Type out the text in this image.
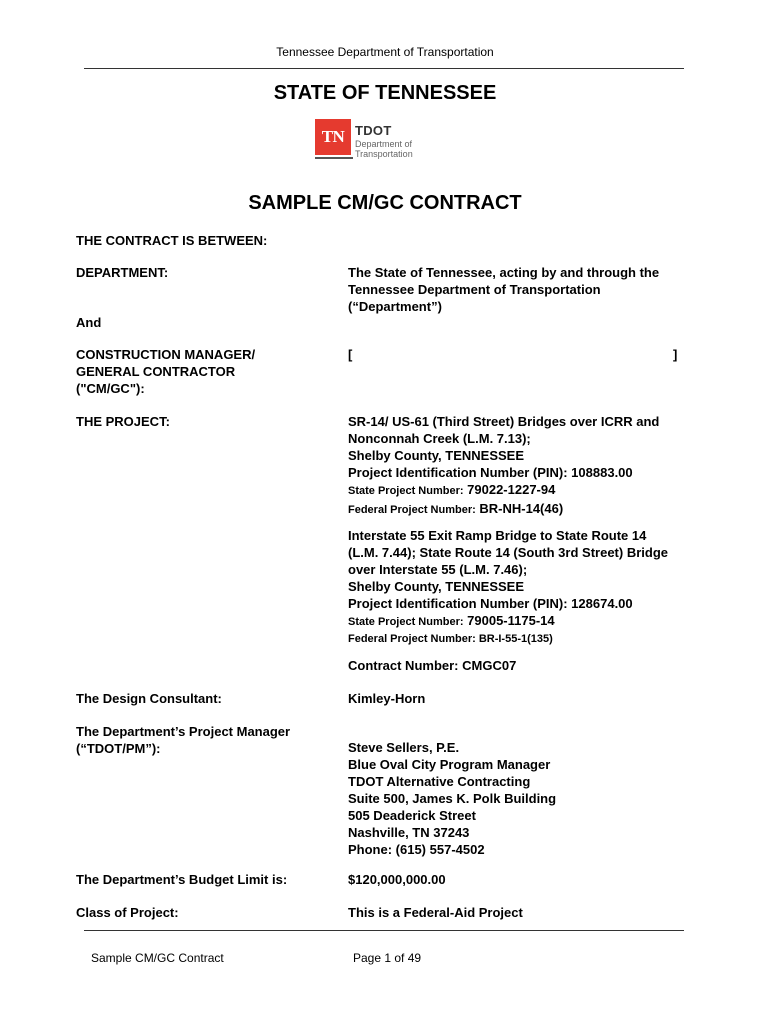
Tennessee Department of Transportation
STATE OF TENNESSEE
TN TDOT
Department of
Transportation
SAMPLE CM/GC CONTRACT
THE CONTRACT IS BETWEEN:
DEPARTMENT:	The State of Tennessee, acting by and through the
Tennessee Department of Transportation
(“Department”)
And
CONSTRUCTION MANAGER/
GENERAL CONTRACTOR
("CM/GC"):
[	]
THE PROJECT:	SR-14/ US-61 (Third Street) Bridges over ICRR and
Nonconnah Creek (L.M. 7.13);
Shelby County, TENNESSEE
Project Identification Number (PIN): 108883.00
State Project Number: 79022-1227-94
Federal Project Number: BR-NH-14(46)
Interstate 55 Exit Ramp Bridge to State Route 14
(L.M. 7.44); State Route 14 (South 3rd Street) Bridge
over Interstate 55 (L.M. 7.46);
Shelby County, TENNESSEE
Project Identification Number (PIN): 128674.00
State Project Number: 79005-1175-14
Federal Project Number: BR-I-55-1(135)
Contract Number: CMGC07
The Design Consultant:	Kimley-Horn
The Department’s Project Manager
(“TDOT/PM”):	Steve Sellers, P.E.
Blue Oval City Program Manager
TDOT Alternative Contracting
Suite 500, James K. Polk Building
505 Deaderick Street
Nashville, TN 37243
Phone: (615) 557-4502
The Department’s Budget Limit is:	$120,000,000.00
Class of Project:	This is a Federal-Aid Project
Sample CM/GC Contract	Page 1 of 49
